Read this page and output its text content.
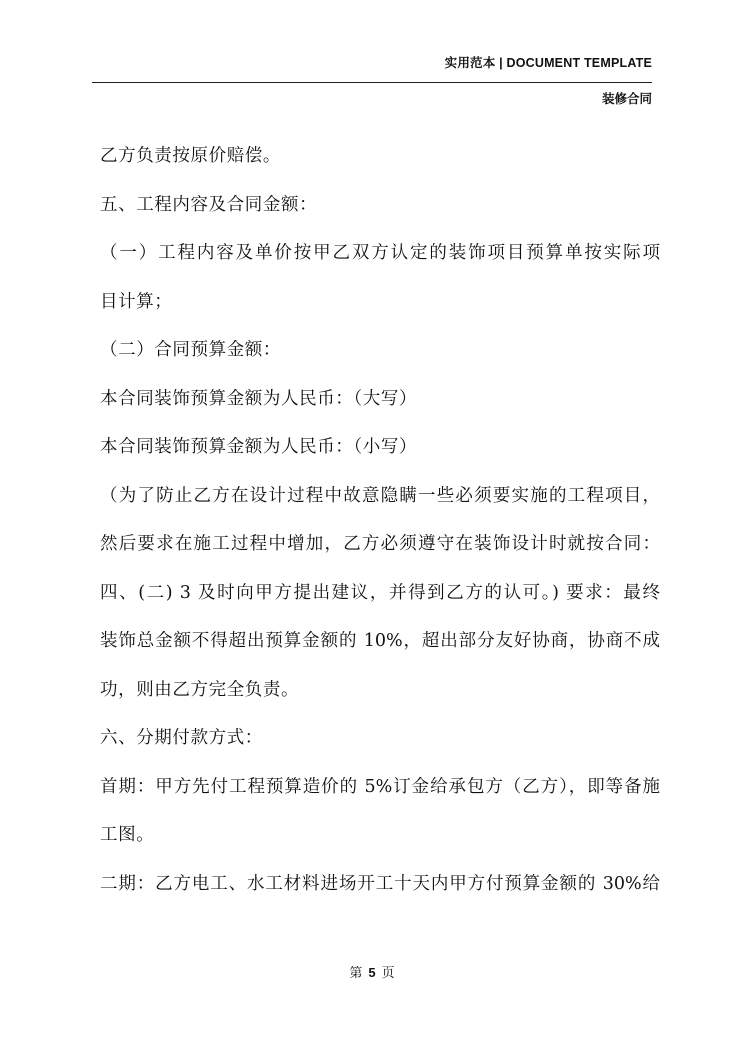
实用范本 | DOCUMENT TEMPLATE
装修合同
乙方负责按原价赔偿。
五、工程内容及合同金额：
（一）工程内容及单价按甲乙双方认定的装饰项目预算单按实际项
目计算；
（二）合同预算金额：
本合同装饰预算金额为人民币：（大写）
本合同装饰预算金额为人民币：（小写）
（为了防止乙方在设计过程中故意隐瞒一些必须要实施的工程项目，
然后要求在施工过程中增加，乙方必须遵守在装饰设计时就按合同：
四、(二) 3 及时向甲方提出建议，并得到乙方的认可。) 要求：最终
装饰总金额不得超出预算金额的 10%，超出部分友好协商，协商不成
功，则由乙方完全负责。
六、分期付款方式：
首期：甲方先付工程预算造价的 5%订金给承包方（乙方），即等备施
工图。
二期：乙方电工、水工材料进场开工十天内甲方付预算金额的 30%给
第 5 页
